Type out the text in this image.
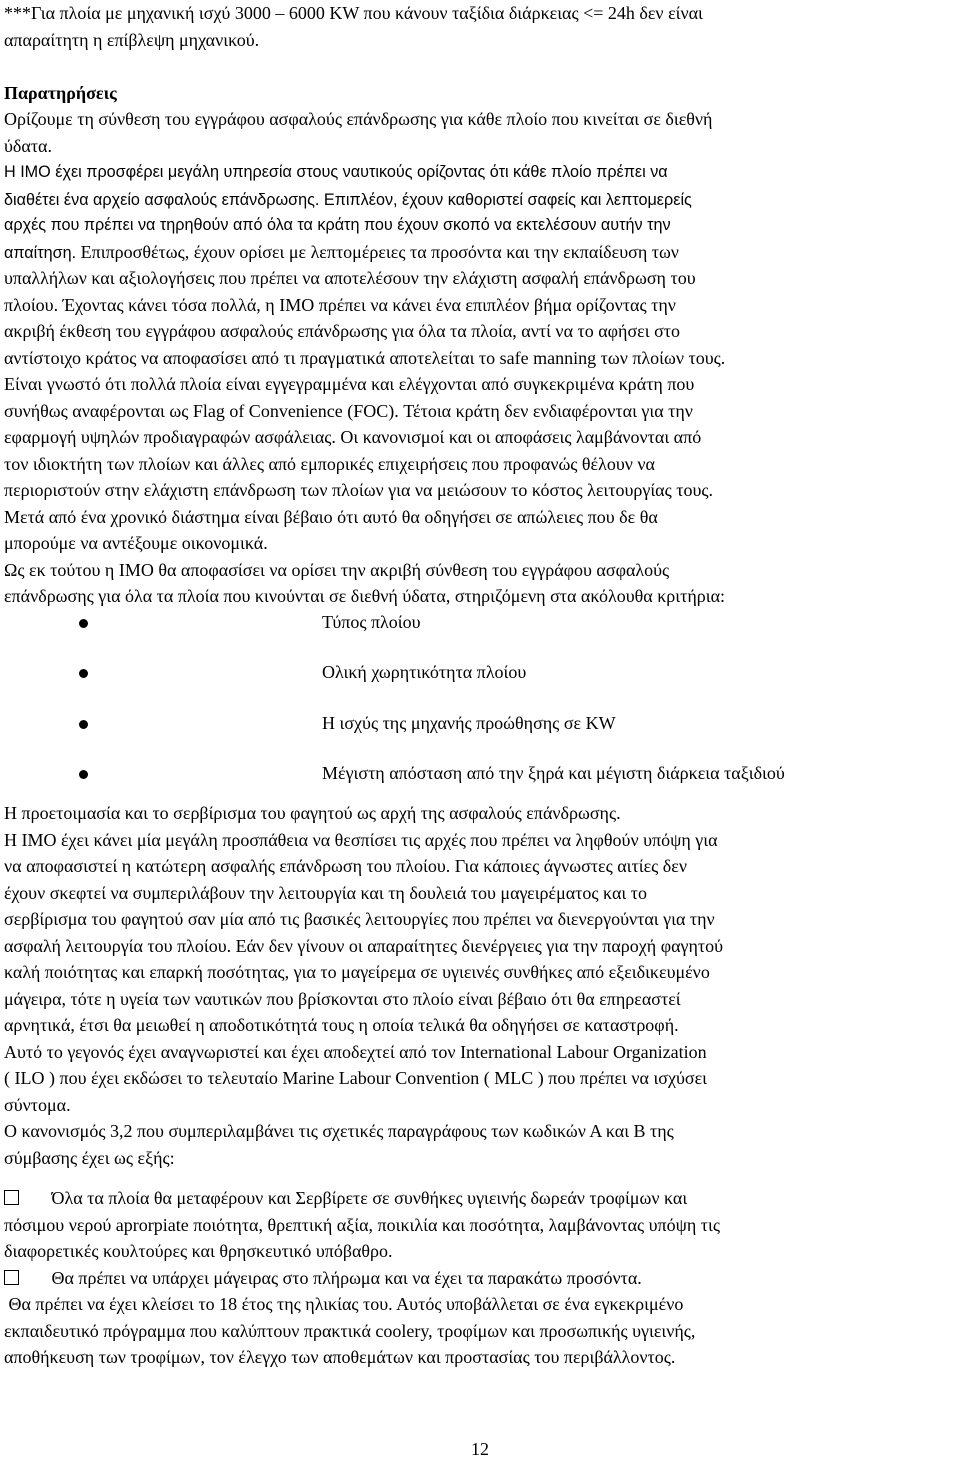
***Για πλοία με μηχανική ισχύ 3000 – 6000 KW που κάνουν ταξίδια διάρκειας <= 24h δεν είναι
απαραίτητη η επίβλεψη μηχανικού.
Παρατηρήσεις
Ορίζουμε τη σύνθεση του εγγράφου ασφαλούς επάνδρωσης για κάθε πλοίο που κινείται σε διεθνή
ύδατα.
Η IMO έχει προσφέρει μεγάλη υπηρεσία στους ναυτικούς ορίζοντας ότι κάθε πλοίο πρέπει να
διαθέτει ένα αρχείο ασφαλούς επάνδρωσης. Επιπλέον, έχουν καθοριστεί σαφείς και λεπτομερείς
αρχές που πρέπει να τηρηθούν από όλα τα κράτη που έχουν σκοπό να εκτελέσουν αυτήν την
απαίτηση. Επιπροσθέτως, έχουν ορίσει με λεπτομέρειες τα προσόντα και την εκπαίδευση των
υπαλλήλων και αξιολογήσεις που πρέπει να αποτελέσουν την ελάχιστη ασφαλή επάνδρωση του
πλοίου. Έχοντας κάνει τόσα πολλά, η IMO πρέπει να κάνει ένα επιπλέον βήμα ορίζοντας την
ακριβή έκθεση του εγγράφου ασφαλούς επάνδρωσης για όλα τα πλοία, αντί να το αφήσει στο
αντίστοιχο κράτος να αποφασίσει από τι πραγματικά αποτελείται το safe manning των πλοίων τους.
Είναι γνωστό ότι πολλά πλοία είναι εγγεγραμμένα και ελέγχονται από συγκεκριμένα κράτη που
συνήθως αναφέρονται ως Flag of Convenience (FOC). Τέτοια κράτη δεν ενδιαφέρονται για την
εφαρμογή υψηλών προδιαγραφών ασφάλειας. Οι κανονισμοί και οι αποφάσεις λαμβάνονται από
τον ιδιοκτήτη των πλοίων και άλλες από εμπορικές επιχειρήσεις που προφανώς θέλουν να
περιοριστούν στην ελάχιστη επάνδρωση των πλοίων για να μειώσουν το κόστος λειτουργίας τους.
Μετά από ένα χρονικό διάστημα είναι βέβαιο ότι αυτό θα οδηγήσει σε απώλειες που δε θα
μπορούμε να αντέξουμε οικονομικά.
Ως εκ τούτου η IMO θα αποφασίσει να ορίσει την ακριβή σύνθεση του εγγράφου ασφαλούς
επάνδρωσης για όλα τα πλοία που κινούνται σε διεθνή ύδατα, στηριζόμενη στα ακόλουθα κριτήρια:
Τύπος πλοίου
Ολική χωρητικότητα πλοίου
Η ισχύς της μηχανής προώθησης σε KW
Μέγιστη απόσταση από την ξηρά και μέγιστη διάρκεια ταξιδιού
Η προετοιμασία και το σερβίρισμα του φαγητού ως αρχή της ασφαλούς επάνδρωσης.
Η IMO έχει κάνει μία μεγάλη προσπάθεια να θεσπίσει τις αρχές που πρέπει να ληφθούν υπόψη για
να αποφασιστεί η κατώτερη ασφαλής επάνδρωση του πλοίου. Για κάποιες άγνωστες αιτίες δεν
έχουν σκεφτεί να συμπεριλάβουν την λειτουργία και τη δουλειά του μαγειρέματος και το
σερβίρισμα του φαγητού σαν μία από τις βασικές λειτουργίες που πρέπει να διενεργούνται για την
ασφαλή λειτουργία του πλοίου. Εάν δεν γίνουν οι απαραίτητες διενέργειες για την παροχή φαγητού
καλή ποιότητας και επαρκή ποσότητας, για το μαγείρεμα σε υγιεινές συνθήκες από εξειδικευμένο
μάγειρα, τότε η υγεία των ναυτικών που βρίσκονται στο πλοίο είναι βέβαιο ότι θα επηρεαστεί
αρνητικά, έτσι θα μειωθεί η αποδοτικότητά τους η οποία τελικά θα οδηγήσει σε καταστροφή.
Αυτό το γεγονός έχει αναγνωριστεί και έχει αποδεχτεί από τον International Labour Organization
( ILO ) που έχει εκδώσει το τελευταίο Marine Labour Convention ( MLC ) που πρέπει να ισχύσει
σύντομα.
Ο κανονισμός 3,2 που συμπεριλαμβάνει τις σχετικές παραγράφους των κωδικών Α και Β της
σύμβασης έχει ως εξής:
Όλα τα πλοία θα μεταφέρουν και Σερβίρετε σε συνθήκες υγιεινής δωρεάν τροφίμων και
πόσιμου νερού aprorpiate ποιότητα, θρεπτική αξία, ποικιλία και ποσότητα, λαμβάνοντας υπόψη τις
διαφορετικές κουλτούρες και θρησκευτικό υπόβαθρο.
Θα πρέπει να υπάρχει μάγειρας στο πλήρωμα και να έχει τα παρακάτω προσόντα.
Θα πρέπει να έχει κλείσει το 18 έτος της ηλικίας του. Αυτός υποβάλλεται σε ένα εγκεκριμένο
εκπαιδευτικό πρόγραμμα που καλύπτουν πρακτικά coolery, τροφίμων και προσωπικής υγιεινής,
αποθήκευση των τροφίμων, τον έλεγχο των αποθεμάτων και προστασίας του περιβάλλοντος.
12
